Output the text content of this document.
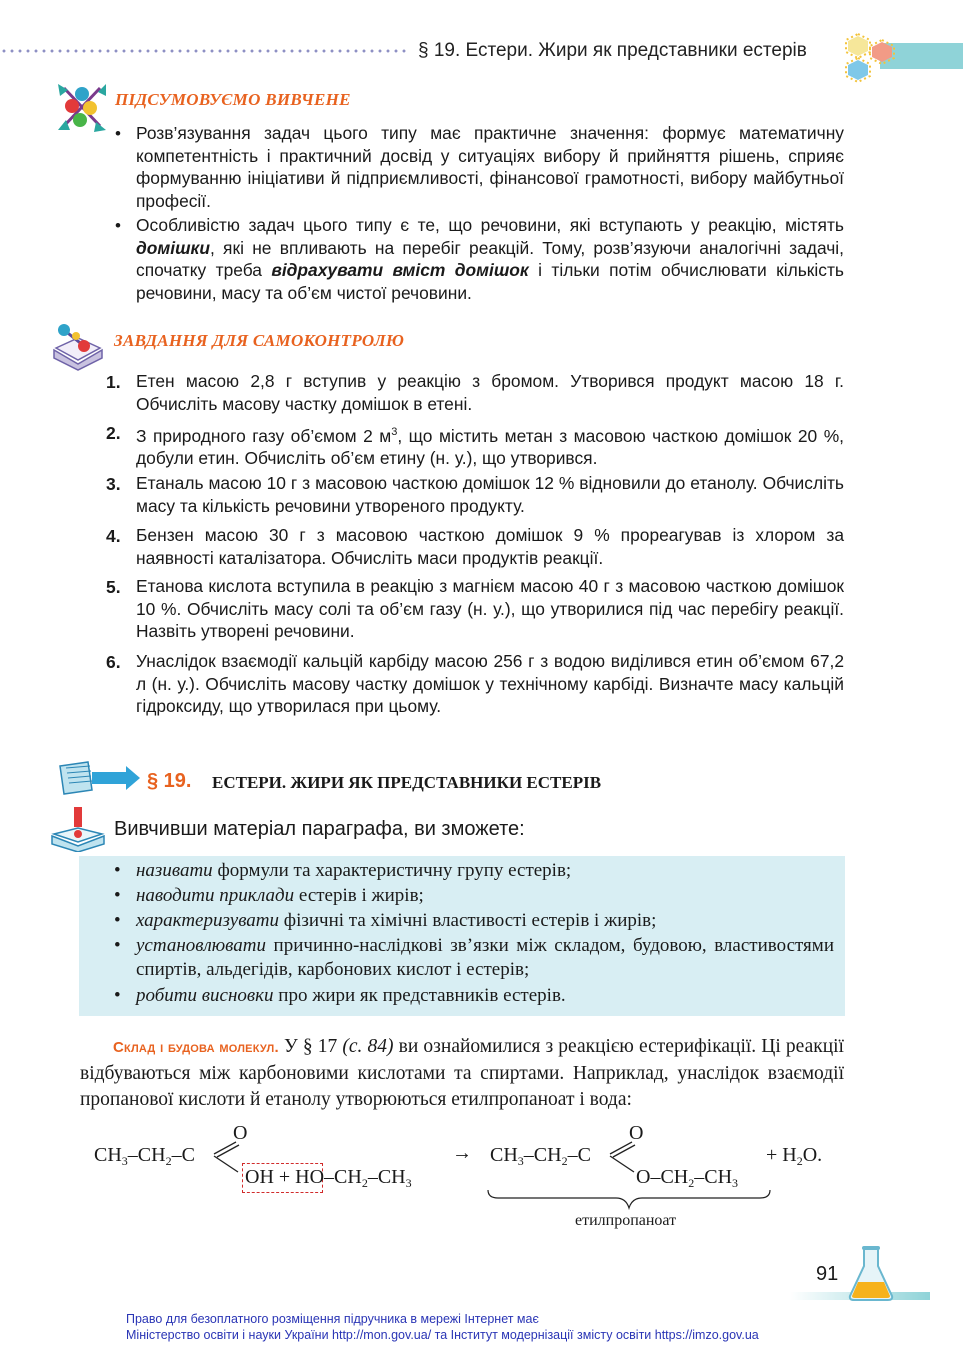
§ 19. Естери. Жири як представники естерів
ПІДСУМОВУЄМО ВИВЧЕНЕ
• Розв’язування задач цього типу має практичне значення: формує математичну компетентність і практичний досвід у ситуаціях вибору й прийняття рішень, сприяє формуванню ініціативи й підприємливості, фінансової грамотності, вибору майбутньої професії.
• Особливістю задач цього типу є те, що речовини, які вступають у реакцію, містять домішки, які не впливають на перебіг реакцій. Тому, розв’язуючи аналогічні задачі, спочатку треба відрахувати вміст домішок і тільки потім обчислювати кількість речовини, масу та об’єм чистої речовини.
ЗАВДАННЯ ДЛЯ САМОКОНТРОЛЮ
1. Етен масою 2,8 г вступив у реакцію з бромом. Утворився продукт масою 18 г. Обчисліть масову частку домішок в етені.
2. З природного газу об’ємом 2 $м^3$, що містить метан з масовою часткою домішок 20 %, добули етин. Обчисліть об’єм етину (н. у.), що утворився.
3. Етаналь масою 10 г з масовою часткою домішок 12 % відновили до етанолу. Обчисліть масу та кількість речовини утвореного продукту.
4. Бензен масою 30 г з масовою часткою домішок 9 % прореагував із хлором за наявності каталізатора. Обчисліть маси продуктів реакції.
5. Етанова кислота вступила в реакцію з магнієм масою 40 г з масовою часткою домішок 10 %. Обчисліть масу солі та об’єм газу (н. у.), що утворилися під час перебігу реакції. Назвіть утворені речовини.
6. Унаслідок взаємодії кальцій карбіду масою 256 г з водою виділився етин об’ємом 67,2 л (н. у.). Обчисліть масову частку домішок у технічному карбіді. Визначте масу кальцій гідроксиду, що утворилася при цьому.
§ 19. ЕСТЕРИ. ЖИРИ ЯК ПРЕДСТАВНИКИ ЕСТЕРІВ
Вивчивши матеріал параграфа, ви зможете:
• називати формули та характеристичну групу естерів;
• наводити приклади естерів і жирів;
• характеризувати фізичні та хімічні властивості естерів і жирів;
• установлювати причинно-наслідкові зв’язки між складом, будовою, властивостями спиртів, альдегідів, карбонових кислот і естерів;
• робити висновки про жири як представників естерів.
Склад і будова молекул. У § 17 (с. 84) ви ознайомилися з реакцією естерифікації. Ці реакції відбуваються між карбоновими кислотами та спиртами. Наприклад, унаслідок взаємодії пропанової кислоти й етанолу утворюються етилпропаноат і вода:
$CH_3-CH_2-C$
O
OH + $HO-CH_2-CH_3$
→ $CH_3-CH_2-C$
O
$O-CH_2-CH_3$
+ $H_2O$.
етилпропаноат
91
Право для безоплатного розміщення підручника в мережі Інтернет має
Міністерство освіти і науки України http://mon.gov.ua/ та Інститут модернізації змісту освіти https://imzo.gov.ua
